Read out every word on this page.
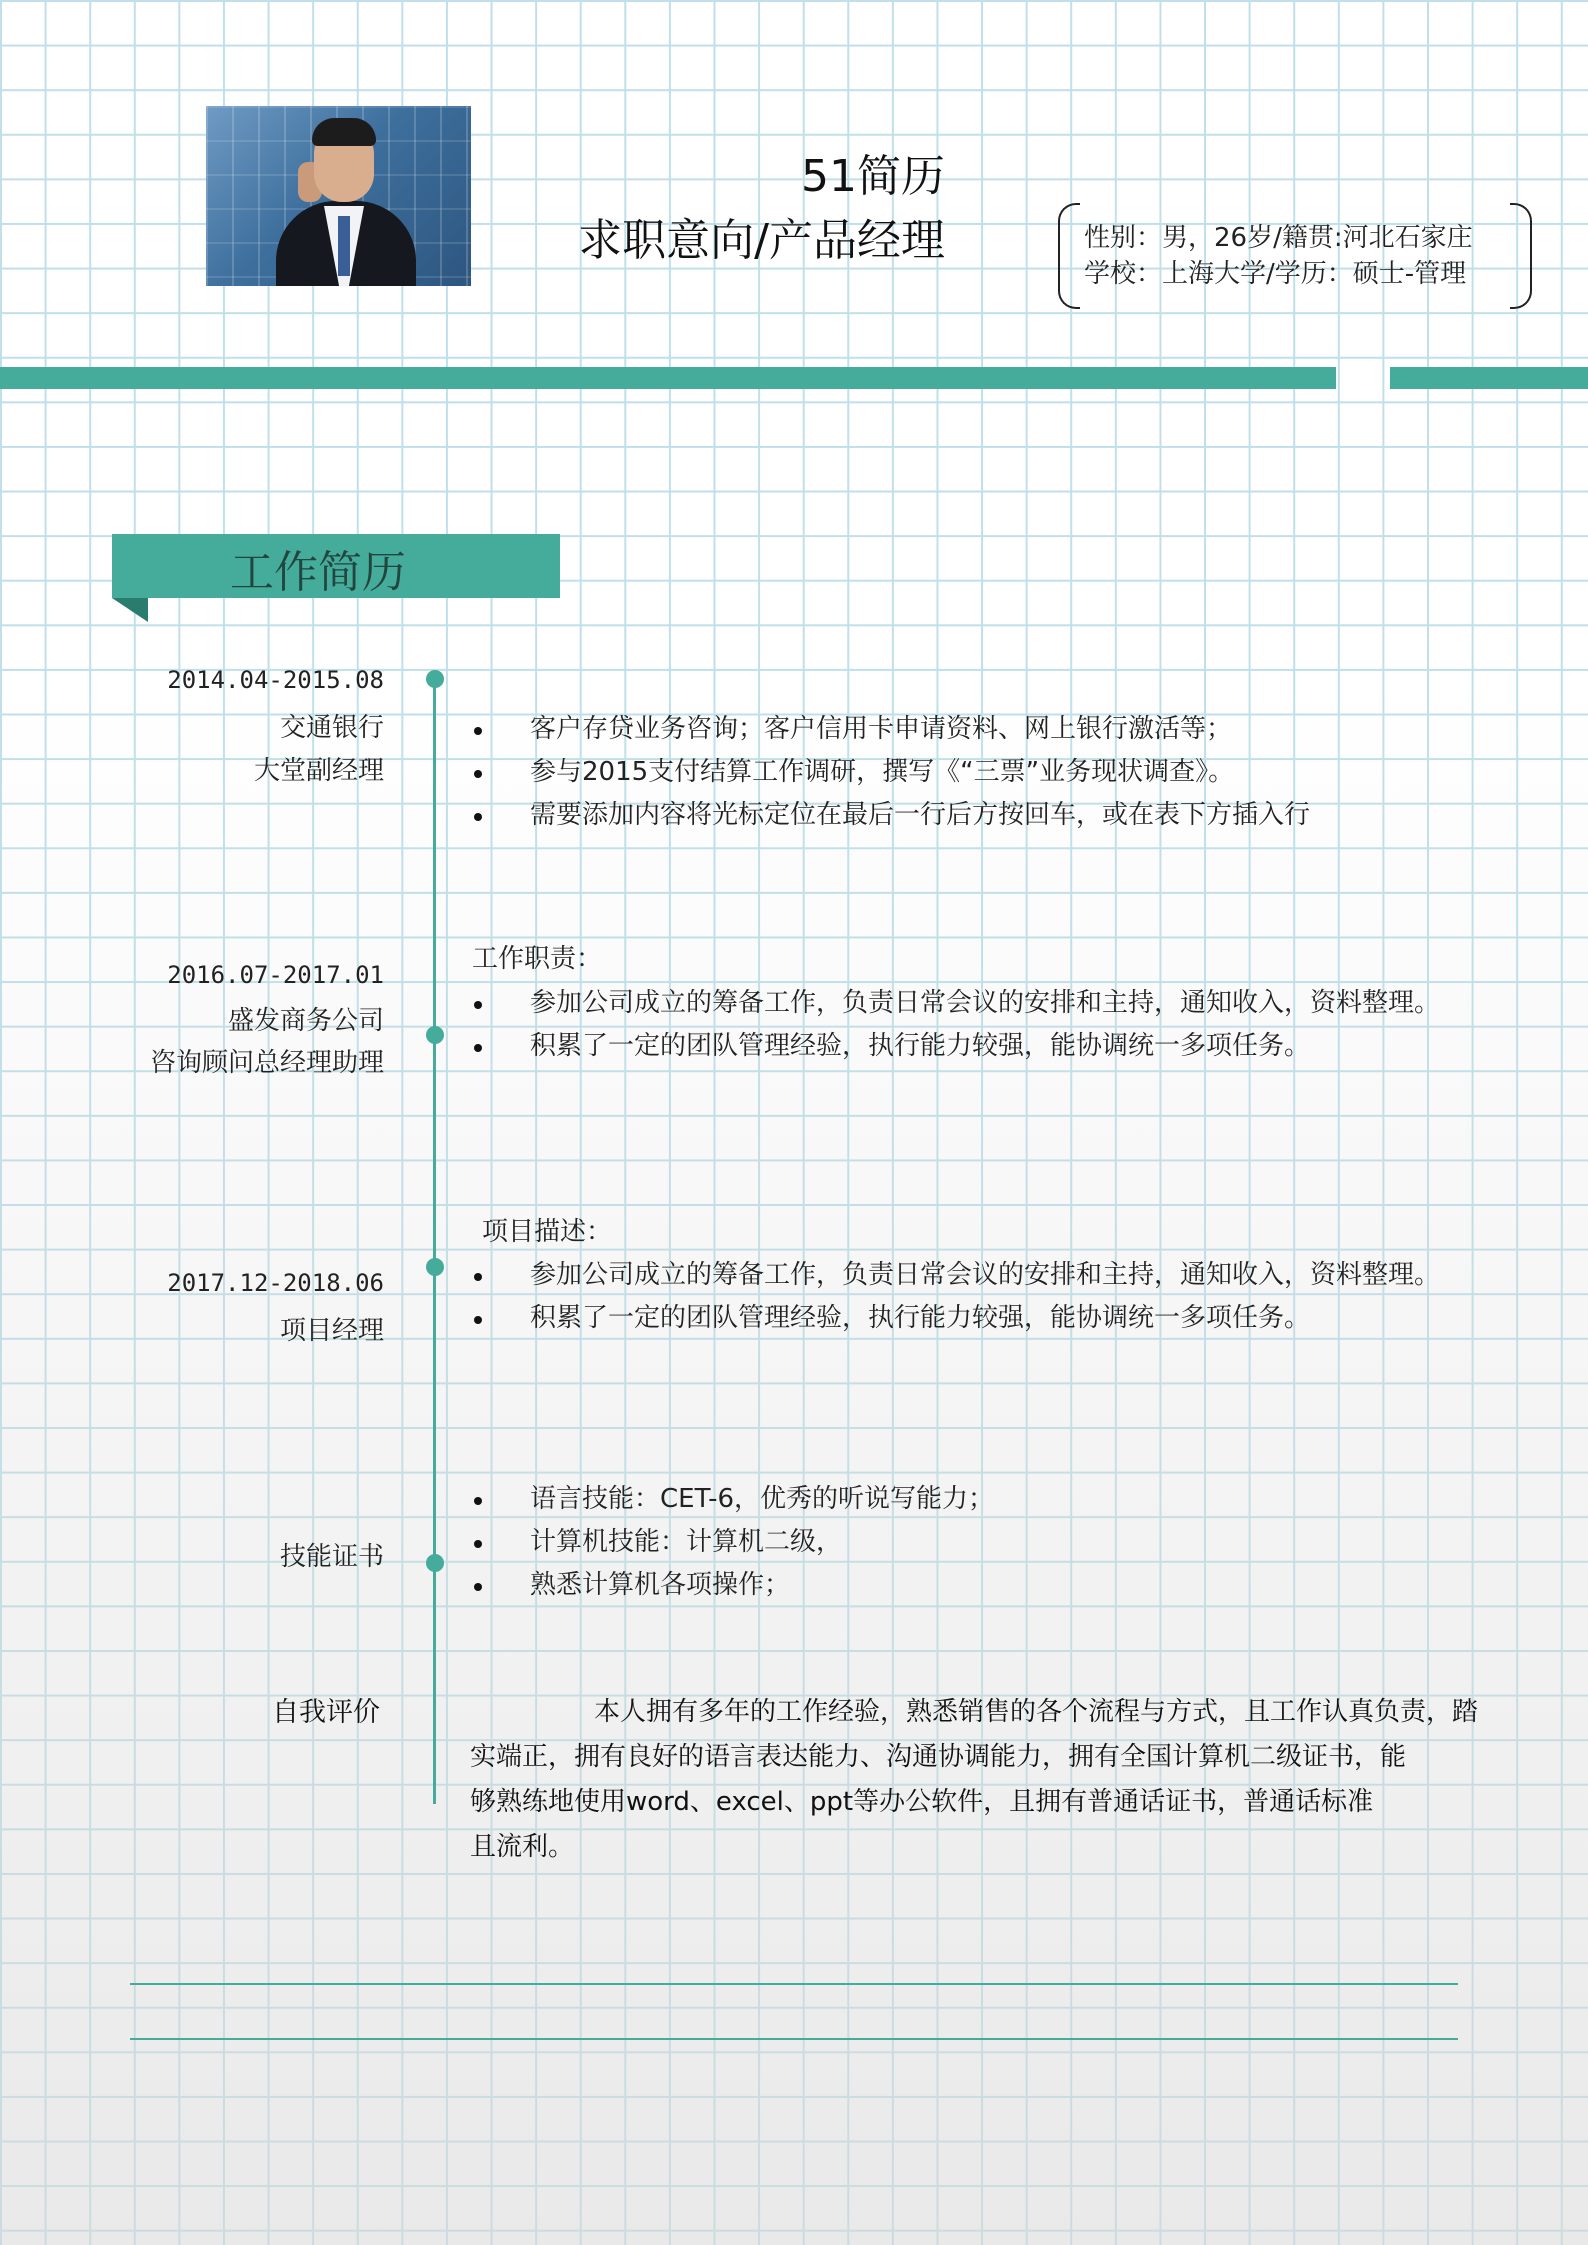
51简历
求职意向/产品经理	性别：男，26岁/籍贯:河北石家庄
学校：上海大学/学历：硕士-管理
工作简历
2014.04-2015.08
交通银行
大堂副经理
客户存贷业务咨询；客户信用卡申请资料、网上银行激活等；
参与2015支付结算工作调研，撰写《“三票”业务现状调查》。
需要添加内容将光标定位在最后一行后方按回车，或在表下方插入行
工作职责：
2016.07-2017.01
盛发商务公司
咨询顾问总经理助理
参加公司成立的筹备工作，负责日常会议的安排和主持，通知收入，资料整理。
积累了一定的团队管理经验，执行能力较强，能协调统一多项任务。
项目描述：
2017.12-2018.06
项目经理
参加公司成立的筹备工作，负责日常会议的安排和主持，通知收入，资料整理。
积累了一定的团队管理经验，执行能力较强，能协调统一多项任务。
技能证书
语言技能：CET-6，优秀的听说写能力；
计算机技能：计算机二级，
熟悉计算机各项操作；
自我评价	本人拥有多年的工作经验，熟悉销售的各个流程与方式，且工作认真负责，踏

实端正，拥有良好的语言表达能力、沟通协调能力，拥有全国计算机二级证书，能

够熟练地使用word、excel、ppt等办公软件，且拥有普通话证书，普通话标准

且流利。
